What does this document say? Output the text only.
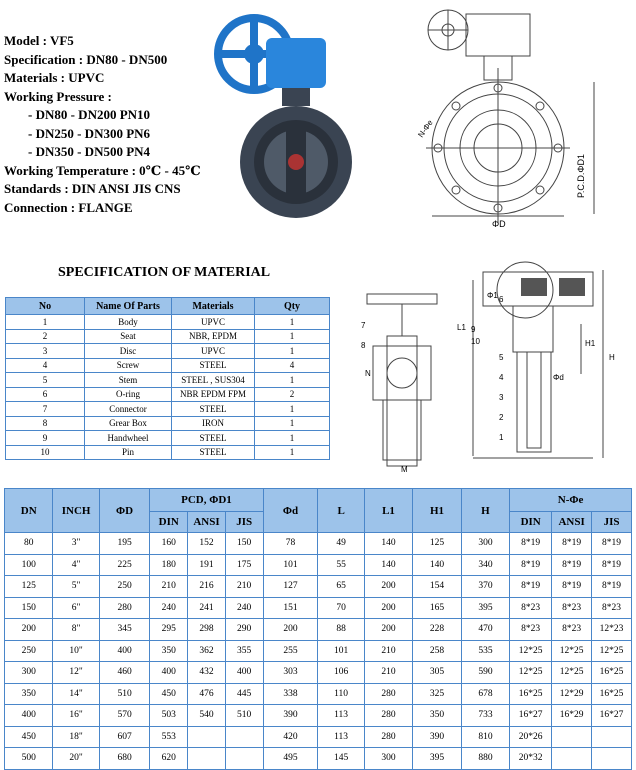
Model : VF5
Specification : DN80 - DN500
Materials : UPVC
Working Pressure :
- DN80 - DN200 PN10
- DN250 - DN300 PN6
- DN350 - DN500 PN4
Working Temperature : 0℃ - 45℃
Standards : DIN ANSI JIS CNS
Connection : FLANGE
P.C.D.ΦD1
ΦD
N-Φe
SPECIFICATION OF MATERIAL
No	Name Of Parts	Materials	Qty
1	Body	UPVC	1
2	Seat	NBR, EPDM	1
3	Disc	UPVC	1
4	Screw	STEEL	4
5	Stem	STEEL , SUS304	1
6	O-ring	NBR EPDM FPM	2
7	Connector	STEEL	1
8	Grear Box	IRON	1
9	Handwheel	STEEL	1
10	Pin	STEEL	1
7
8
9
10
6
5
4
3
2
1
Φ1
L1
H1
H
N
M
Φd
DN	INCH	ΦD	PCD, ΦD1			Φd	L	L1	H1	H	N-Φe		
			DIN	ANSI	JIS						DIN	ANSI	JIS
80	3"	195	160	152	150	78	49	140	125	300	8*19	8*19	8*19
100	4"	225	180	191	175	101	55	140	140	340	8*19	8*19	8*19
125	5"	250	210	216	210	127	65	200	154	370	8*19	8*19	8*19
150	6"	280	240	241	240	151	70	200	165	395	8*23	8*23	8*23
200	8"	345	295	298	290	200	88	200	228	470	8*23	8*23	12*23
250	10"	400	350	362	355	255	101	210	258	535	12*25	12*25	12*25
300	12"	460	400	432	400	303	106	210	305	590	12*25	12*25	16*25
350	14"	510	450	476	445	338	110	280	325	678	16*25	12*29	16*25
400	16"	570	503	540	510	390	113	280	350	733	16*27	16*29	16*27
450	18"	607	553			420	113	280	390	810	20*26		
500	20"	680	620			495	145	300	395	880	20*32		
